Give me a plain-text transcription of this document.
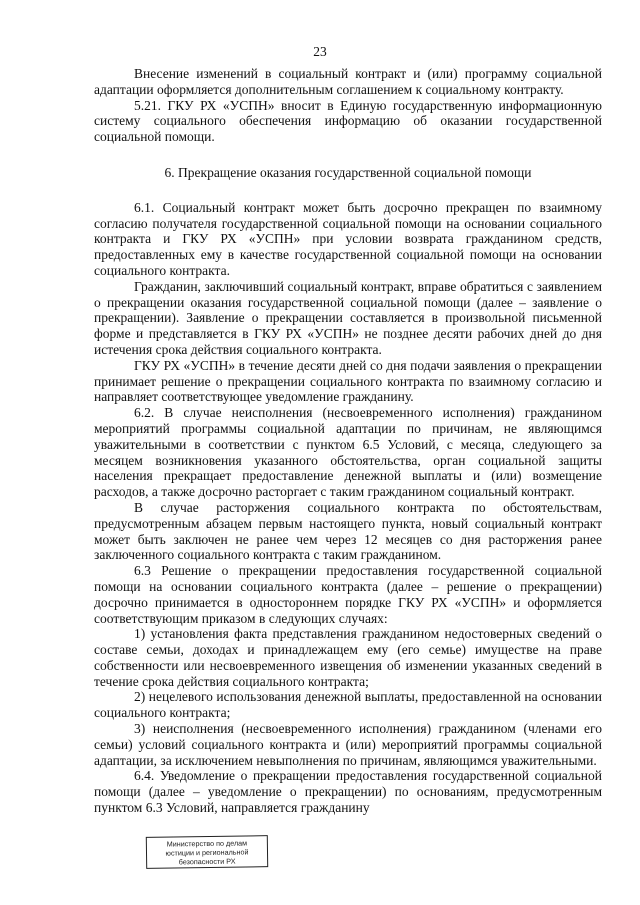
23

Внесение изменений в социальный контракт и (или) программу социальной адаптации оформляется дополнительным соглашением к социальному контракту.

5.21. ГКУ РХ «УСПН» вносит в Единую государственную информационную систему социального обеспечения информацию об оказании государственной социальной помощи.

6. Прекращение оказания государственной социальной помощи

6.1. Социальный контракт может быть досрочно прекращен по взаимному согласию получателя государственной социальной помощи на основании социального контракта и ГКУ РХ «УСПН» при условии возврата гражданином средств, предоставленных ему в качестве государственной социальной помощи на основании социального контракта.

Гражданин, заключивший социальный контракт, вправе обратиться с заявлением о прекращении оказания государственной социальной помощи (далее – заявление о прекращении). Заявление о прекращении составляется в произвольной письменной форме и представляется в ГКУ РХ «УСПН» не позднее десяти рабочих дней до дня истечения срока действия социального контракта.

ГКУ РХ «УСПН» в течение десяти дней со дня подачи заявления о прекращении принимает решение о прекращении социального контракта по взаимному согласию и направляет соответствующее уведомление гражданину.

6.2. В случае неисполнения (несвоевременного исполнения) гражданином мероприятий программы социальной адаптации по причинам, не являющимся уважительными в соответствии с пунктом 6.5 Условий, с месяца, следующего за месяцем возникновения указанного обстоятельства, орган социальной защиты населения прекращает предоставление денежной выплаты и (или) возмещение расходов, а также досрочно расторгает с таким гражданином социальный контракт.

В случае расторжения социального контракта по обстоятельствам, предусмотренным абзацем первым настоящего пункта, новый социальный контракт может быть заключен не ранее чем через 12 месяцев со дня расторжения ранее заключенного социального контракта с таким гражданином.

6.3 Решение о прекращении предоставления государственной социальной помощи на основании социального контракта (далее – решение о прекращении) досрочно принимается в одностороннем порядке ГКУ РХ «УСПН» и оформляется соответствующим приказом в следующих случаях:

1) установления факта представления гражданином недостоверных сведений о составе семьи, доходах и принадлежащем ему (его семье) имуществе на праве собственности или несвоевременного извещения об изменении указанных сведений в течение срока действия социального контракта;

2) нецелевого использования денежной выплаты, предоставленной на основании социального контракта;

3) неисполнения (несвоевременного исполнения) гражданином (членами его семьи) условий социального контракта и (или) мероприятий программы социальной адаптации, за исключением невыполнения по причинам, являющимся уважительными.

6.4. Уведомление о прекращении предоставления государственной социальной помощи (далее – уведомление о прекращении) по основаниям, предусмотренным пунктом 6.3 Условий, направляется гражданину

Министерство по делам
юстиции и региональной
безопасности РХ
